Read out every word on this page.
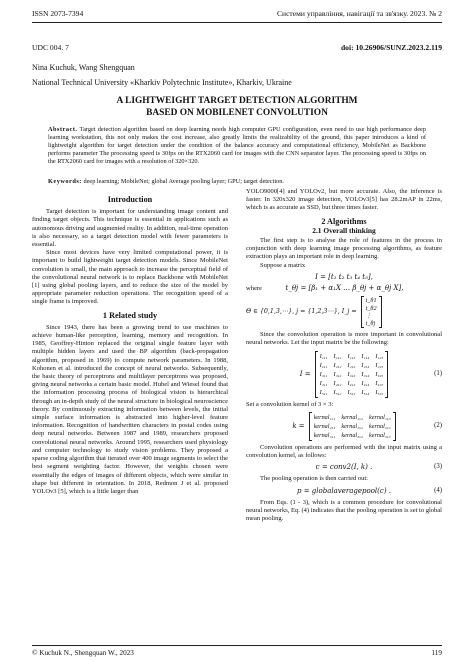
ISSN 2073-7394	Системи управління, навігації та зв'язку. 2023. № 2
UDC 004. 7	doi: 10.26906/SUNZ.2023.2.119
Nina Kuchuk, Wang Shengquan
National Technical University «Kharkiv Polytechnic Institute», Kharkiv, Ukraine
A LIGHTWEIGHT TARGET DETECTION ALGORITHM
BASED ON MOBILENET CONVOLUTION
Abstract. Target detection algorithm based on deep learning needs high computer GPU configuration, even need to use high performance deep learning workstation, this not only makes the cost increase, also greatly limits the realizability of the ground, this paper introduces a kind of lightweight algorithm for target detection under the condition of the balance accuracy and computational efficiency, MobileNet as Backbone performs parameter The processing speed is 30fps on the RTX2060 card for images with the CNN separator layer. The processing speed is 30fps on the RTX2060 card for images with a resolution of 320×320.
Keywords: deep learning; MobileNet; global Average pooling layer; GPU; target detection.
Introduction
Target detection is important for understanding image content and finding target objects. This technique is essential in applications such as autonomous driving and augmented reality. In addition, real-time operation is also necessary, so a target detection model with fewer parameters is essential.
Since most devices have very limited computational power, it is important to build lightweight target detection models. Since MobileNet convolution is small, the main approach to increase the perceptual field of the convolutional neural network is to replace Backbone with MobileNet [1] using global pooling layers, and to reduce the size of the model by appropriate parameter reduction operations. The recognition speed of a single frame is improved.
1 Related study
Since 1943, there has been a growing trend to use machines to achieve human-like perception, learning, memory and recognition. In 1985, Geoffrey-Hinton replaced the original single feature layer with multiple hidden layers and used the BP algorithm (back-propagation algorithm, proposed in 1969) to compute network parameters. In 1988, Kohonen et al. introduced the concept of neural networks. Subsequently, the basic theory of perceptrons and multilayer perceptrons was proposed, giving neural networks a certain basic model. Hubel and Wiesel found that the information processing process of biological vision is hierarchical through an in-depth study of the neural structure in biological neuroscience theory. By continuously extracting information between levels, the initial simple surface information is abstracted into higher-level feature information. Recognition of handwritten characters in postal codes using deep neural networks. Between 1987 and 1989, researchers proposed convolutional neural networks. Around 1995, researchers used physiology and computer technology to study vision problems. They proposed a sparse coding algorithm that iterated over 400 image segments to select the best segment weighting factor. However, the weights chosen were essentially the edges of images of different objects, which were similar in shape but different in orientation. In 2018, Redmon J et al. proposed YOLOv3 [5], which is a little larger than
YOLO9000[4] and YOLOv2, but more accurate. Also, the inference is faster. In 320x320 image detection, YOLOv3[5] has 28.2mAP in 22ms, which is as accurate as SSD, but three times faster.
2 Algorithms
2.1 Overall thinking
The first step is to analyse the role of features in the process in conjunction with deep learning image processing algorithms, as feature extraction plays an important role in deep learning.
Suppose a matrix
I = [t₁ t₂ t₃ t₄ t₅],
where	t_θj = [β₁ + α₁X … β_θj + α_θj X],
Θ ∈ {0,1,3,⋯}, j = {1,2,3⋯}, I_j =
t_θ1
t_θ2
⋮
t_θj
Since the convolution operation is more important in convolutional neural networks. Let the input matrix be the following:
I =
I₁,₁ I₁,₂ I₁,₃ I₁,₄ I₁,₅
I₂,₁ I₂,₂ I₂,₃ I₂,₄ I₂,₅
I₃,₁ I₃,₂ I₃,₃ I₃,₄ I₃,₅
I₄,₁ I₄,₂ I₄,₃ I₄,₄ I₄,₅
I₅,₁ I₅,₂ I₅,₃ I₅,₄ I₅,₅
(1)
Set a convolution kernel of 3 × 3:
k =
kernal₁,₁ kernal₁,₂ kernal₁,₃
kernal₂,₁ kernal₂,₂ kernal₂,₃
kernal₃,₁ kernal₃,₂ kernal₃,₃
(2)
Convolution operations are performed with the input matrix using a convolution kernel, as follows:
c = conv2(I, k) .	(3)
The pooling operation is then carried out:
p = globalaveragepool(c) .	(4)
From Eqs. (1 - 3), which is a common procedure for convolutional neural networks, Eq. (4) indicates that the pooling operation is set to global mean pooling.
© Kuchuk N., Shengquan W., 2023	119
